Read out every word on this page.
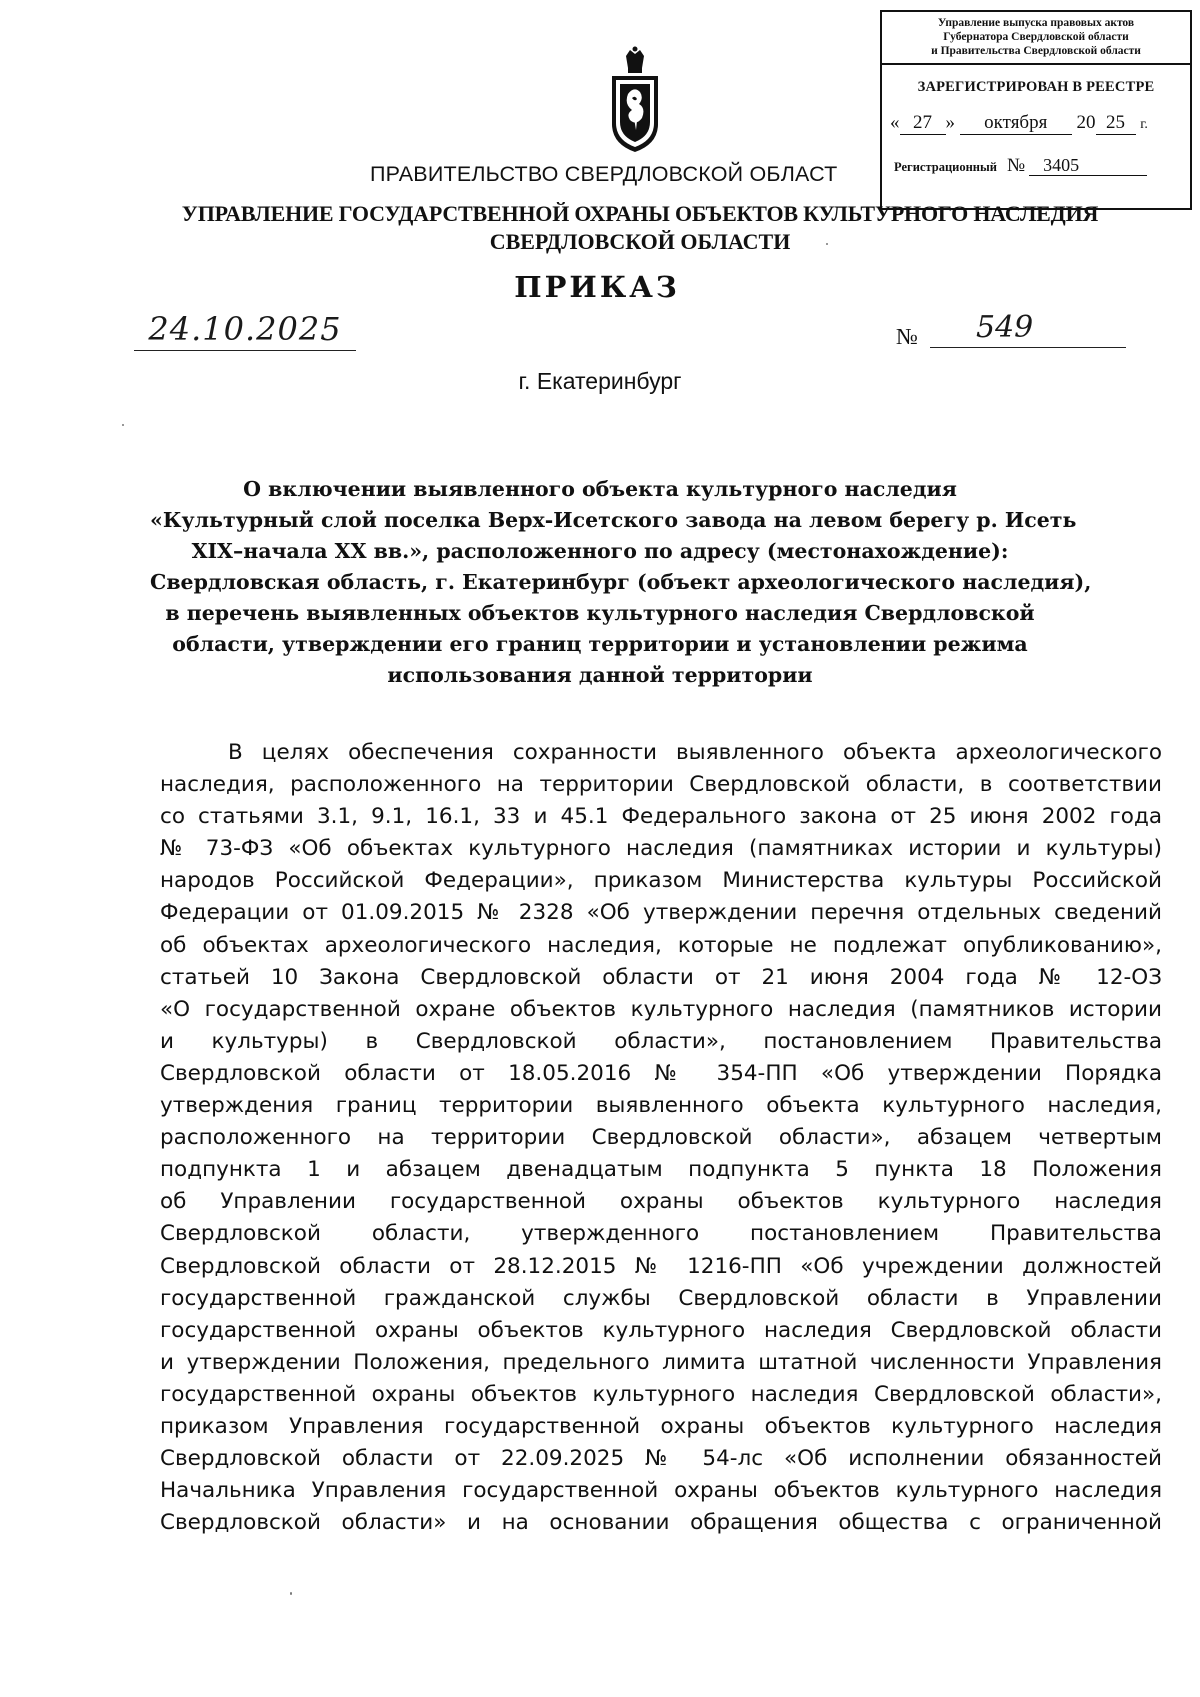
Управление выпуска правовых актов
Губернатора Свердловской области
и Правительства Свердловской области
ЗАРЕГИСТРИРОВАН В РЕЕСТРЕ
« 27 » октября 20 25 г.
Регистрационный № 3405
ПРАВИТЕЛЬСТВО СВЕРДЛОВСКОЙ ОБЛАСТ
УПРАВЛЕНИЕ ГОСУДАРСТВЕННОЙ ОХРАНЫ ОБЪЕКТОВ КУЛЬТУРНОГО НАСЛЕДИЯ
СВЕРДЛОВСКОЙ ОБЛАСТИ
ПРИКАЗ
24.10.2025	№	549
г. Екатеринбург
О включении выявленного объекта культурного наследия
«Культурный слой поселка Верх-Исетского завода на левом берегу р. Исеть
XIX–начала XX вв.», расположенного по адресу (местонахождение):
Свердловская область, г. Екатеринбург (объект археологического наследия),
в перечень выявленных объектов культурного наследия Свердловской
области, утверждении его границ территории и установлении режима
использования данной территории
В целях обеспечения сохранности выявленного объекта археологического
наследия, расположенного на территории Свердловской области, в соответствии
со статьями 3.1, 9.1, 16.1, 33 и 45.1 Федерального закона от 25 июня 2002 года
№ 73-ФЗ «Об объектах культурного наследия (памятниках истории и культуры)
народов Российской Федерации», приказом Министерства культуры Российской
Федерации от 01.09.2015 № 2328 «Об утверждении перечня отдельных сведений
об объектах археологического наследия, которые не подлежат опубликованию»,
статьей 10 Закона Свердловской области от 21 июня 2004 года № 12-ОЗ
«О государственной охране объектов культурного наследия (памятников истории
и культуры) в Свердловской области», постановлением Правительства
Свердловской области от 18.05.2016 № 354-ПП «Об утверждении Порядка
утверждения границ территории выявленного объекта культурного наследия,
расположенного на территории Свердловской области», абзацем четвертым
подпункта 1 и абзацем двенадцатым подпункта 5 пункта 18 Положения
об Управлении государственной охраны объектов культурного наследия
Свердловской области, утвержденного постановлением Правительства
Свердловской области от 28.12.2015 № 1216-ПП «Об учреждении должностей
государственной гражданской службы Свердловской области в Управлении
государственной охраны объектов культурного наследия Свердловской области
и утверждении Положения, предельного лимита штатной численности Управления
государственной охраны объектов культурного наследия Свердловской области»,
приказом Управления государственной охраны объектов культурного наследия
Свердловской области от 22.09.2025 № 54-лс «Об исполнении обязанностей
Начальника Управления государственной охраны объектов культурного наследия
Свердловской области» и на основании обращения общества с ограниченной
